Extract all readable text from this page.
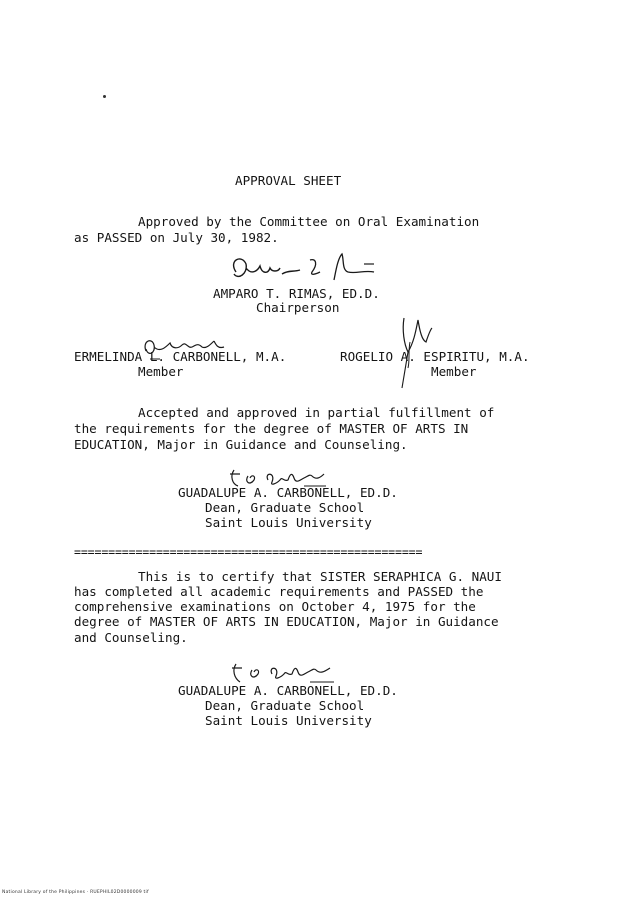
APPROVAL SHEET
Approved by the Committee on Oral Examination
as PASSED on July 30, 1982.
AMPARO T. RIMAS, ED.D.
Chairperson
ERMELINDA L. CARBONELL, M.A.
Member
ROGELIO A. ESPIRITU, M.A.
Member
Accepted and approved in partial fulfillment of
the requirements for the degree of MASTER OF ARTS IN
EDUCATION, Major in Guidance and Counseling.
GUADALUPE A. CARBONELL, ED.D.
Dean, Graduate School
Saint Louis University
===================================================
This is to certify that SISTER SERAPHICA G. NAUI
has completed all academic requirements and PASSED the
comprehensive examinations on October 4, 1975 for the
degree of MASTER OF ARTS IN EDUCATION, Major in Guidance
and Counseling.
GUADALUPE A. CARBONELL, ED.D.
Dean, Graduate School
Saint Louis University
National Library of the Philippines · RUEPHIL02D0000009 tif
